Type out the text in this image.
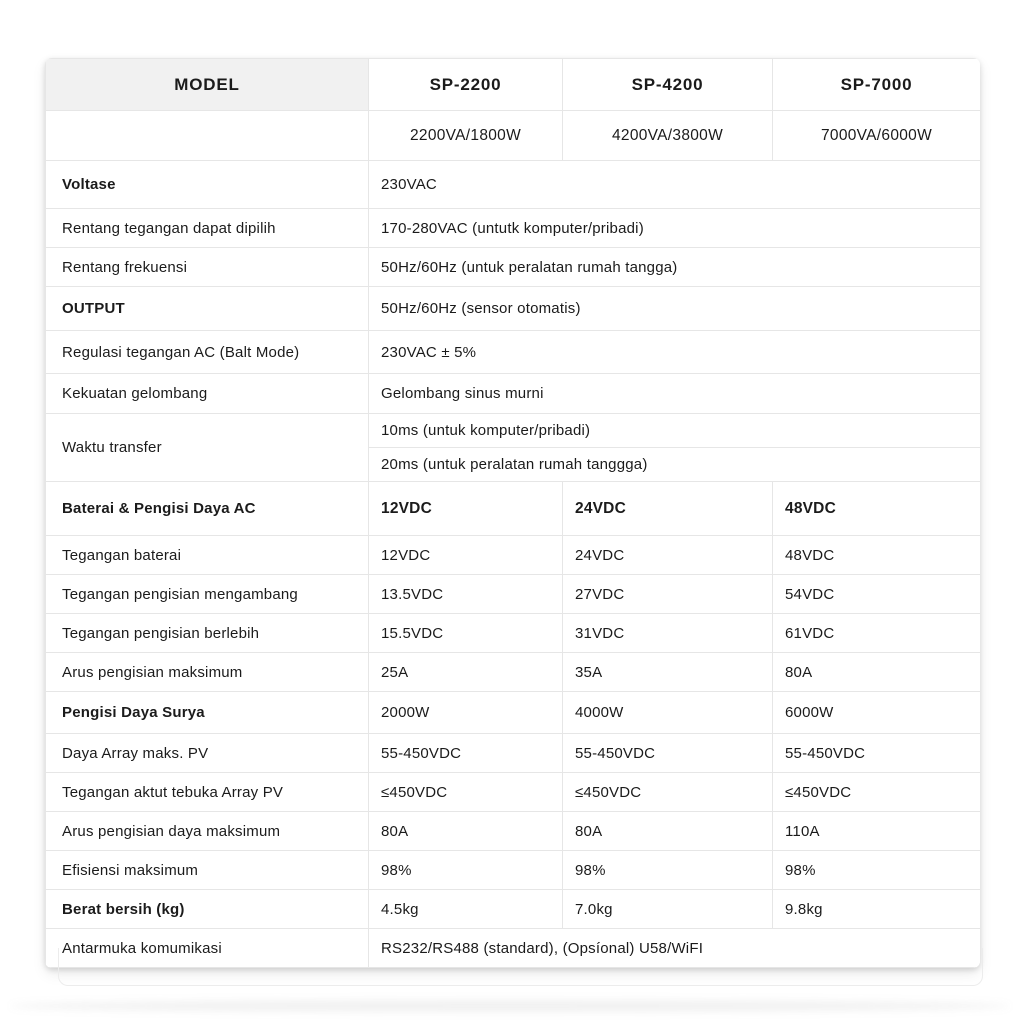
MODEL	SP-2200	SP-4200	SP-7000
	2200VA/1800W	4200VA/3800W	7000VA/6000W
Voltase	230VAC		
Rentang tegangan dapat dipilih	170-280VAC (untutk komputer/pribadi)		
Rentang frekuensi	50Hz/60Hz (untuk peralatan rumah tangga)		
OUTPUT	50Hz/60Hz (sensor otomatis)		
Regulasi tegangan AC (Balt Mode)	230VAC ± 5%		
Kekuatan gelombang	Gelombang sinus murni		
Waktu transfer	10ms (untuk komputer/pribadi)		
	20ms (untuk peralatan rumah tanggga)		
Baterai & Pengisi Daya AC	12VDC	24VDC	48VDC
Tegangan baterai	12VDC	24VDC	48VDC
Tegangan pengisian mengambang	13.5VDC	27VDC	54VDC
Tegangan pengisian berlebih	15.5VDC	31VDC	61VDC
Arus pengisian maksimum	25A	35A	80A
Pengisi Daya Surya	2000W	4000W	6000W
Daya Array maks. PV	55-450VDC	55-450VDC	55-450VDC
Tegangan aktut tebuka Array PV	≤450VDC	≤450VDC	≤450VDC
Arus pengisian daya maksimum	80A	80A	110A
Efisiensi maksimum	98%	98%	98%
Berat bersih (kg)	4.5kg	7.0kg	9.8kg
Antarmuka komumikasi	RS232/RS488 (standard), (Opsíonal) U58/WiFI		
